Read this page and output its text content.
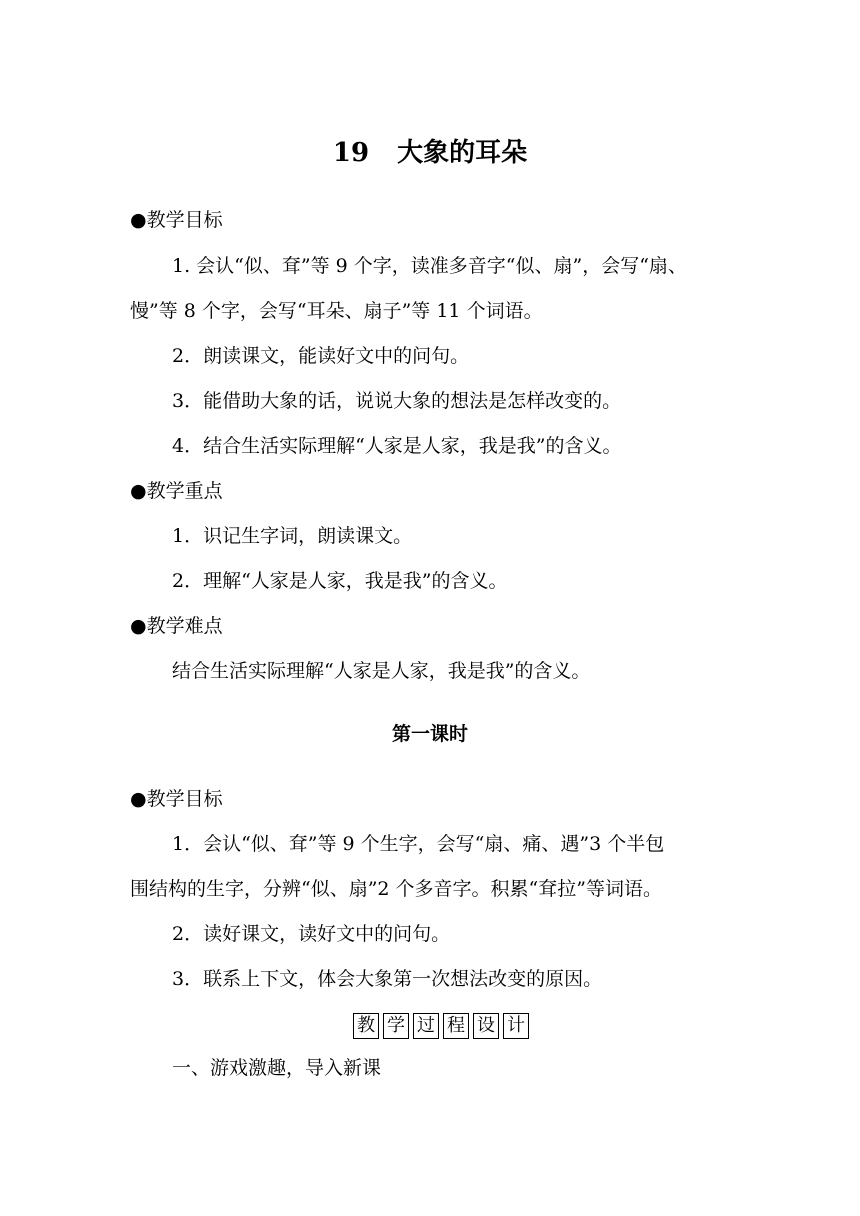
19 大象的耳朵
● 教学目标
1. 会认“似、耷”等 9 个字，读准多音字“似、扇”，会写“扇、
慢”等 8 个字，会写“耳朵、扇子”等 11 个词语。
2．朗读课文，能读好文中的问句。
3．能借助大象的话，说说大象的想法是怎样改变的。
4．结合生活实际理解“人家是人家，我是我”的含义。
● 教学重点
1．识记生字词，朗读课文。
2．理解“人家是人家，我是我”的含义。
● 教学难点
结合生活实际理解“人家是人家，我是我”的含义。
第一课时
● 教学目标
1．会认“似、耷”等 9 个生字，会写“扇、痛、遇”3 个半包
围结构的生字，分辨“似、扇”2 个多音字。积累“耷拉”等词语。
2．读好课文，读好文中的问句。
3．联系上下文，体会大象第一次想法改变的原因。
教 学 过 程 设 计
一、游戏激趣，导入新课
